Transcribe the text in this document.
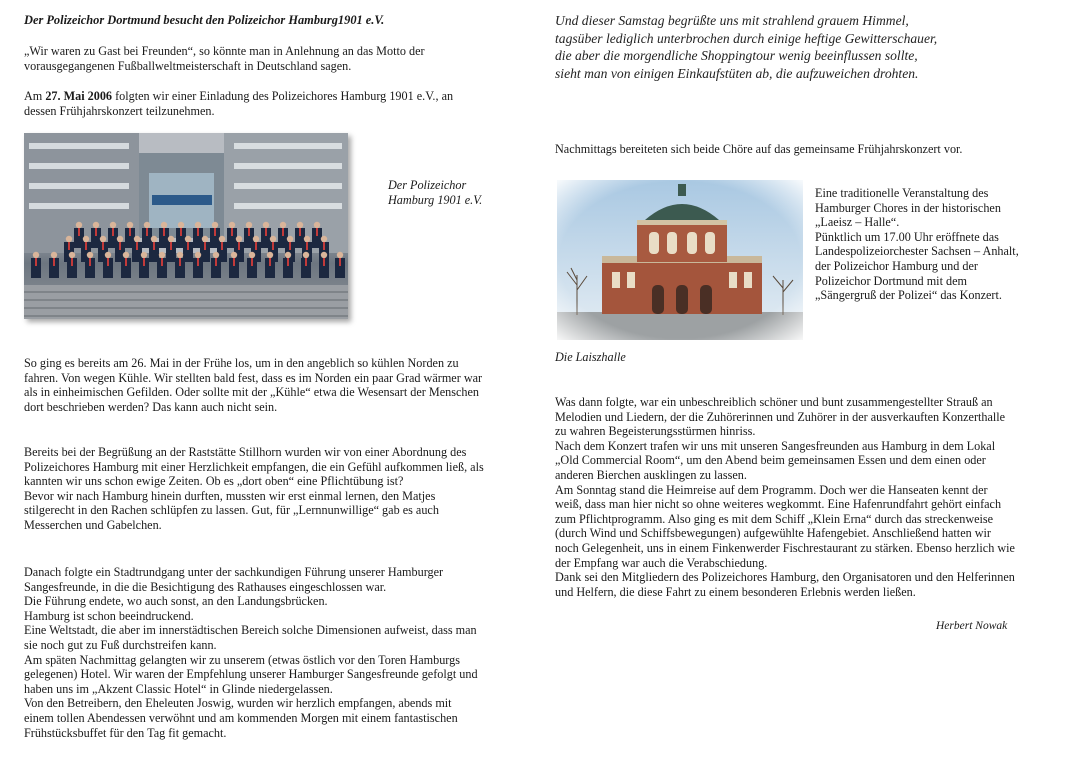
Der Polizeichor Dortmund besucht den Polizeichor Hamburg1901 e.V.

„Wir waren zu Gast bei Freunden“, so könnte man in Anlehnung an das Motto der
vorausgegangenen Fußballweltmeisterschaft in Deutschland sagen.

Am 27. Mai 2006 folgten wir einer Einladung des Polizeichores Hamburg 1901 e.V., an
dessen Frühjahrskonzert teilzunehmen.

Der Polizeichor
Hamburg 1901 e.V.

So ging es bereits am 26. Mai in der Frühe los, um in den angeblich so kühlen Norden zu
fahren. Von wegen Kühle. Wir stellten bald fest, dass es im Norden ein paar Grad wärmer war
als in einheimischen Gefilden. Oder sollte mit der „Kühle“ etwa die Wesensart der Menschen
dort beschrieben werden? Das kann auch nicht sein.

Bereits bei der Begrüßung an der Raststätte Stillhorn wurden wir von einer Abordnung des
Polizeichores Hamburg mit einer Herzlichkeit empfangen, die ein Gefühl aufkommen ließ, als
kannten wir uns schon ewige Zeiten. Ob es „dort oben“ eine Pflichtübung ist?
Bevor wir nach Hamburg hinein durften, mussten wir erst einmal lernen, den Matjes
stilgerecht in den Rachen schlüpfen zu lassen. Gut, für „Lernnunwillige“ gab es auch
Messerchen und Gabelchen.

Danach folgte ein Stadtrundgang unter der sachkundigen Führung unserer Hamburger
Sangesfreunde, in die die Besichtigung des Rathauses eingeschlossen war.
Die Führung endete, wo auch sonst, an den Landungsbrücken.
Hamburg ist schon beeindruckend.
Eine Weltstadt, die aber im innerstädtischen Bereich solche Dimensionen aufweist, dass man
sie noch gut zu Fuß durchstreifen kann.
Am späten Nachmittag gelangten wir zu unserem (etwas östlich vor den Toren Hamburgs
gelegenen) Hotel. Wir waren der Empfehlung unserer Hamburger Sangesfreunde gefolgt und
haben uns im „Akzent Classic Hotel“ in Glinde niedergelassen.
Von den Betreibern, den Eheleuten Joswig, wurden wir herzlich empfangen, abends mit
einem tollen Abendessen verwöhnt und am kommenden Morgen mit einem fantastischen
Frühstücksbuffet für den Tag fit gemacht.

Und dieser Samstag begrüßte uns mit strahlend grauem Himmel,
tagsüber lediglich unterbrochen durch einige heftige Gewitterschauer,
die aber die morgendliche Shoppingtour wenig beeinflussen sollte,
sieht man von einigen Einkaufstüten ab, die aufzuweichen drohten.

Nachmittags bereiteten sich beide Chöre auf das gemeinsame Frühjahrskonzert vor.

Eine traditionelle Veranstaltung des
Hamburger Chores in der historischen
„Laeisz – Halle“.
Pünktlich um 17.00 Uhr eröffnete das
Landespolizeiorchester Sachsen – Anhalt,
der Polizeichor Hamburg und der
Polizeichor Dortmund mit dem
„Sängergruß der Polizei“ das Konzert.

Die Laiszhalle

Was dann folgte, war ein unbeschreiblich schöner und bunt zusammengestellter Strauß an
Melodien und Liedern, der die Zuhörerinnen und Zuhörer in der ausverkauften Konzerthalle
zu wahren Begeisterungsstürmen hinriss.
Nach dem Konzert trafen wir uns mit unseren Sangesfreunden aus Hamburg in dem Lokal
„Old Commercial Room“, um den Abend beim gemeinsamen Essen und dem einen oder
anderen Bierchen ausklingen zu lassen.
Am Sonntag stand die Heimreise auf dem Programm. Doch wer die Hanseaten kennt der
weiß, dass man hier nicht so ohne weiteres wegkommt. Eine Hafenrundfahrt gehört einfach
zum Pflichtprogramm. Also ging es mit dem Schiff „Klein Erna“ durch das streckenweise
(durch Wind und Schiffsbewegungen) aufgewühlte Hafengebiet. Anschließend hatten wir
noch Gelegenheit, uns in einem Finkenwerder Fischrestaurant zu stärken. Ebenso herzlich wie
der Empfang war auch die Verabschiedung.
Dank sei den Mitgliedern des Polizeichores Hamburg, den Organisatoren und den Helferinnen
und Helfern, die diese Fahrt zu einem besonderen Erlebnis werden ließen.

Herbert Nowak
